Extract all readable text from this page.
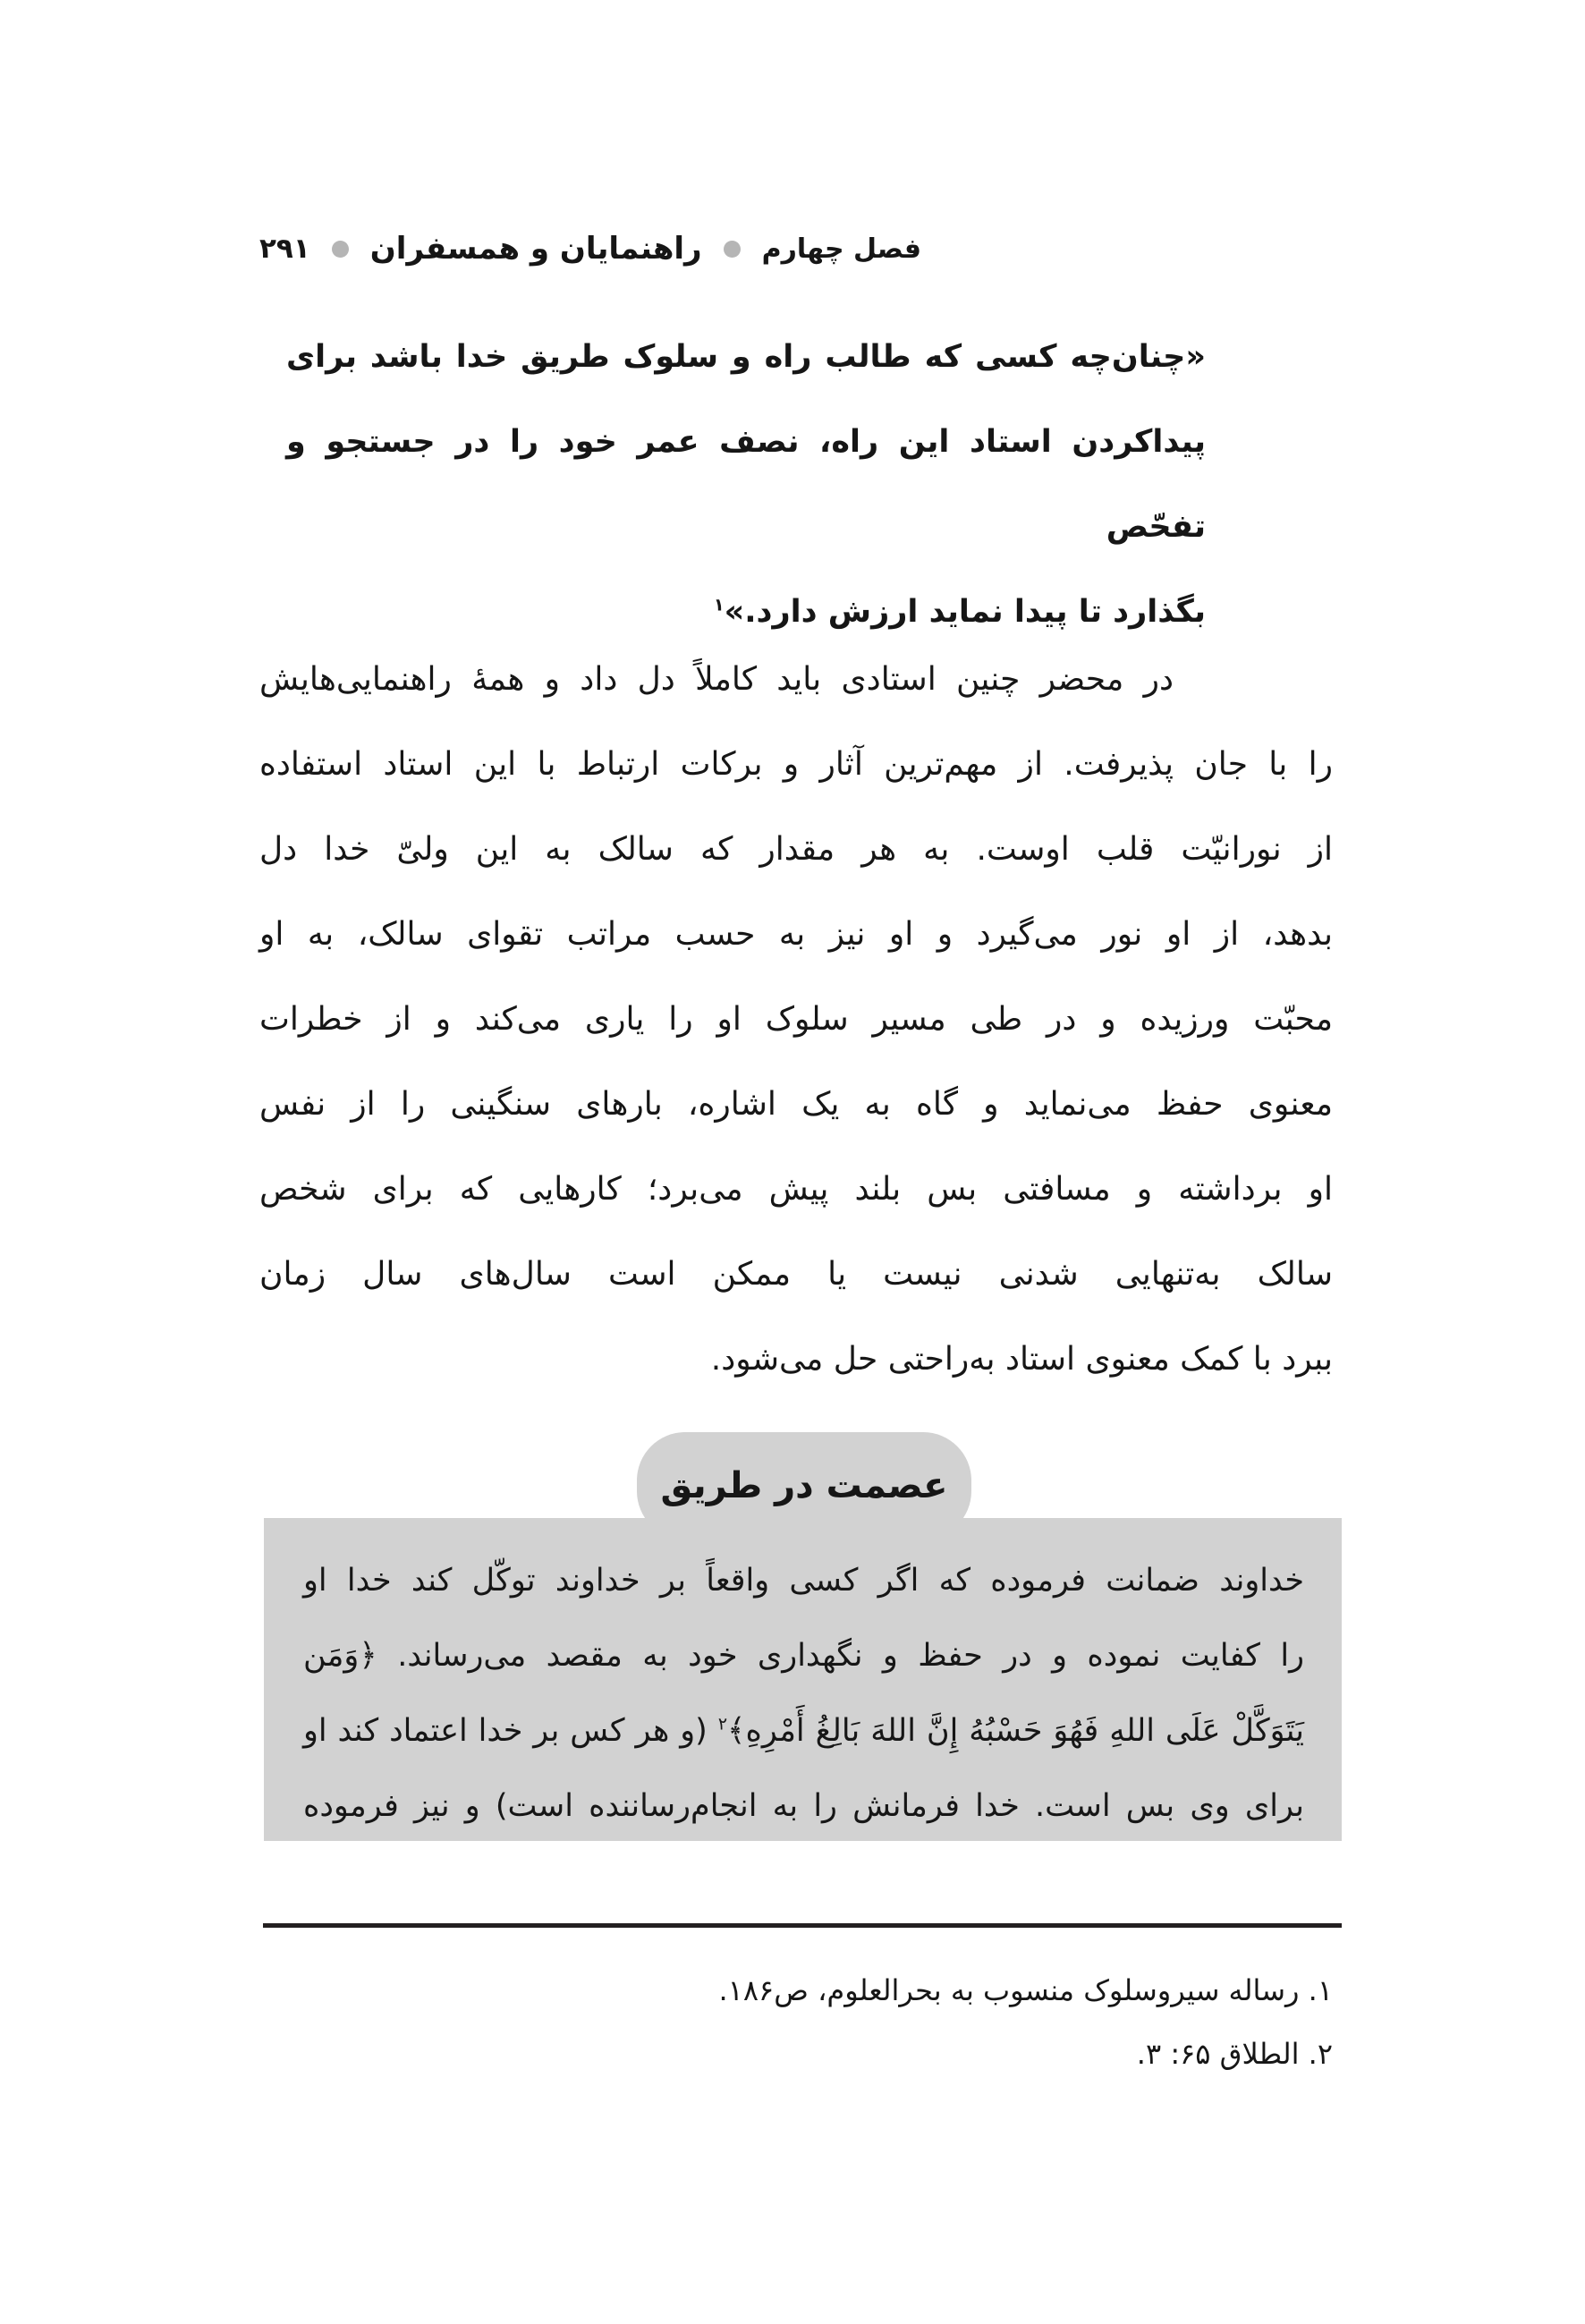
فصل چهارم
راهنمایان و همسفران
۲۹۱
«چنان‌چه کسی که طالب راه و سلوک طریق خدا باشد برای
پیداکردن استاد این راه، نصف عمر خود را در جستجو و تفحّص
بگذارد تا پیدا نماید ارزش دارد.»$^۱$
در محضر چنین استادی باید کاملاً دل داد و همهٔ راهنمایی‌هایش
را با جان پذیرفت. از مهم‌ترین آثار و برکات ارتباط با این استاد استفاده
از نورانیّت قلب اوست. به هر مقدار که سالک به این ولیّ خدا دل
بدهد، از او نور می‌گیرد و او نیز به حسب مراتب تقوای سالک، به او
محبّت ورزیده و در طی مسیر سلوک او را یاری می‌کند و از خطرات
معنوی حفظ می‌نماید و گاه به یک اشاره، بارهای سنگینی را از نفس
او برداشته و مسافتی بس بلند پیش می‌برد؛ کارهایی که برای شخص
سالک به‌تنهایی شدنی نیست یا ممکن است سال‌های سال زمان
ببرد با کمک معنوی استاد به‌راحتی حل می‌شود.
عصمت در طریق
خداوند ضمانت فرموده که اگر کسی واقعاً بر خداوند توکّل کند خدا او
را کفایت نموده و در حفظ و نگهداری خود به مقصد می‌رساند. ﴿وَمَن
يَتَوَكَّلْ عَلَى اللهِ فَهُوَ حَسْبُهُ إِنَّ اللهَ بَالِغُ أَمْرِهِ﴾$^۲$ (و هر کس بر خدا اعتماد کند او
برای وی بس است. خدا فرمانش را به انجام‌رساننده است) و نیز فرموده
۱. رساله سیروسلوک منسوب به بحرالعلوم، ص۱۸۶.
۲. الطلاق ۶۵: ۳.
